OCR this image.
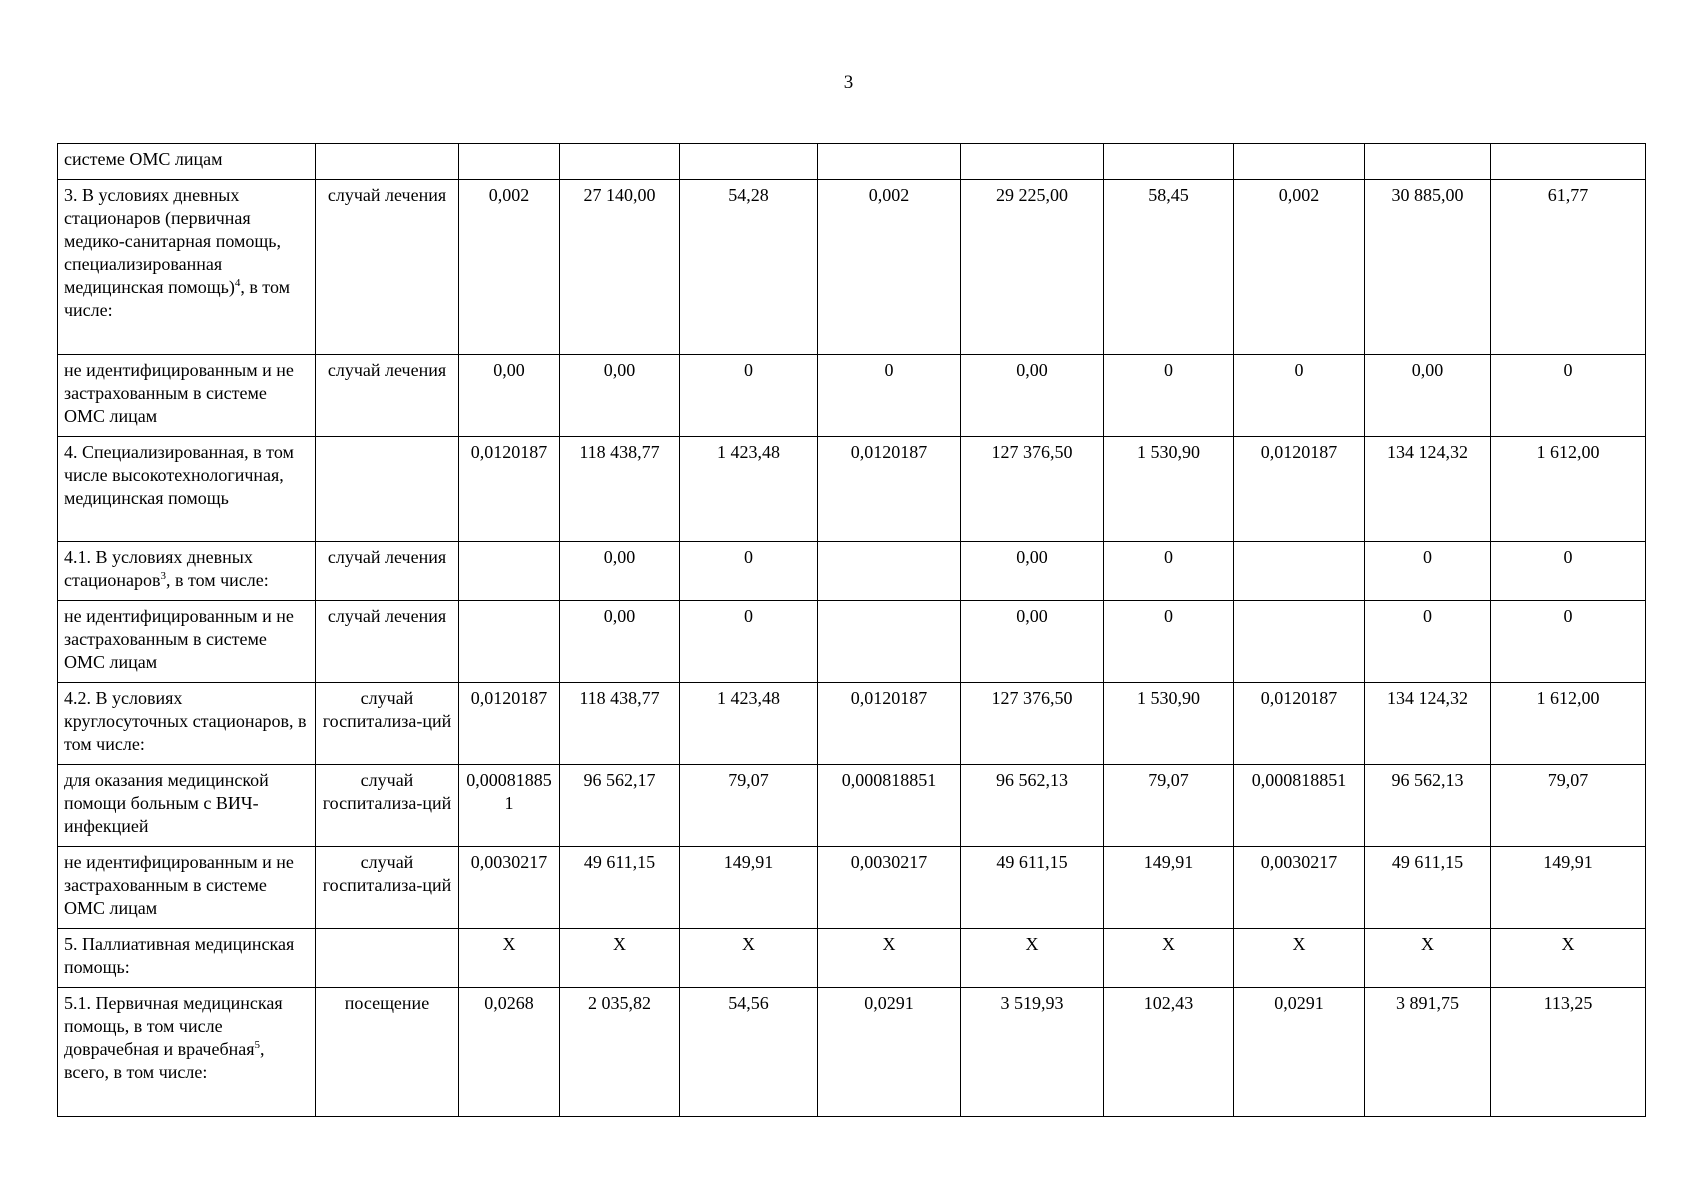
3
системе ОМС лицам										
3. В условиях дневных стационаров (первичная медико-санитарная помощь, специализированная медицинская помощь)$^4$, в том числе:	случай лечения	0,002	27 140,00	54,28	0,002	29 225,00	58,45	0,002	30 885,00	61,77
не идентифицированным и не застрахованным в системе ОМС лицам	случай лечения	0,00	0,00	0	0	0,00	0	0	0,00	0
4. Специализированная, в том числе высокотехнологичная, медицинская помощь		0,0120187	118 438,77	1 423,48	0,0120187	127 376,50	1 530,90	0,0120187	134 124,32	1 612,00
4.1. В условиях дневных стационаров$^3$, в том числе:	случай лечения		0,00	0		0,00	0		0	0
не идентифицированным и не застрахованным в системе ОМС лицам	случай лечения		0,00	0		0,00	0		0	0
4.2. В условиях круглосуточных стационаров, в том числе:	случай госпитализа-ций	0,0120187	118 438,77	1 423,48	0,0120187	127 376,50	1 530,90	0,0120187	134 124,32	1 612,00
для оказания медицинской помощи больным с ВИЧ-инфекцией	случай госпитализа-ций	0,000818851	96 562,17	79,07	0,000818851	96 562,13	79,07	0,000818851	96 562,13	79,07
не идентифицированным и не застрахованным в системе ОМС лицам	случай госпитализа-ций	0,0030217	49 611,15	149,91	0,0030217	49 611,15	149,91	0,0030217	49 611,15	149,91
5. Паллиативная медицинская помощь:		X	X	X	X	X	X	X	X	X
5.1. Первичная медицинская помощь, в том числе доврачебная и врачебная$^5$, всего, в том числе:	посещение	0,0268	2 035,82	54,56	0,0291	3 519,93	102,43	0,0291	3 891,75	113,25
